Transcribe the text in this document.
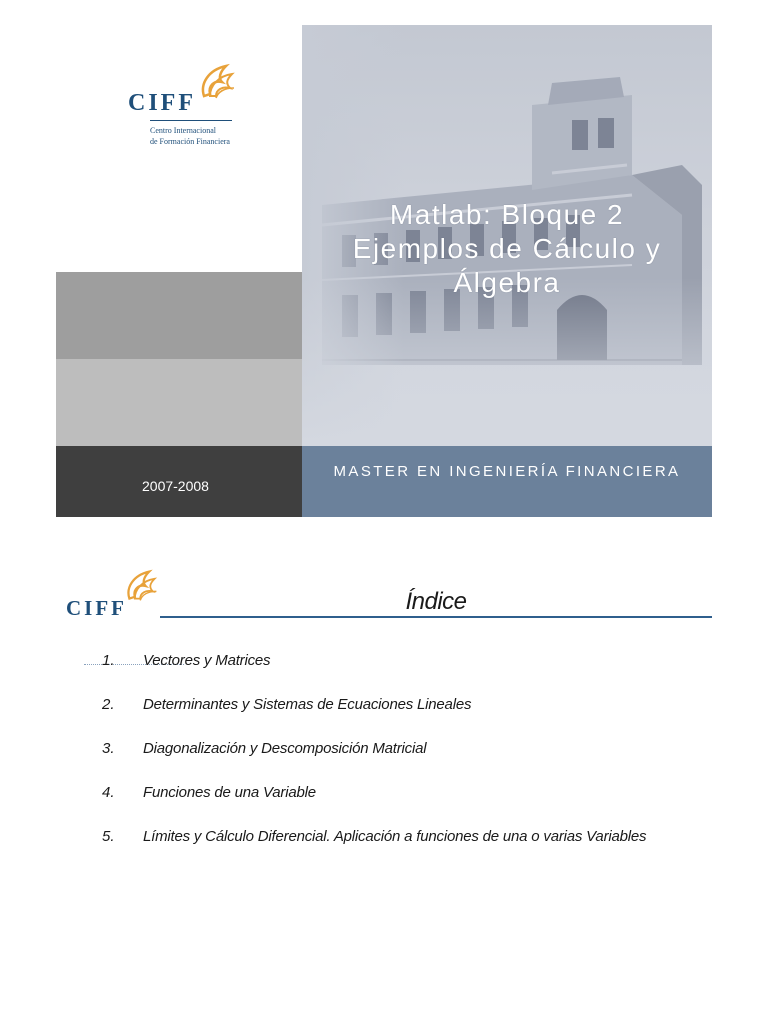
CIFF
Centro Internacional
de Formación Financiera
Matlab: Bloque 2
Ejemplos de Cálculo y
Álgebra
2007-2008
MASTER EN INGENIERÍA FINANCIERA
CIFF	Índice
1. Vectores y Matrices
2. Determinantes y Sistemas de Ecuaciones Lineales
3. Diagonalización y Descomposición Matricial
4. Funciones de una Variable
5. Límites y Cálculo Diferencial. Aplicación a funciones de una o varias Variables
